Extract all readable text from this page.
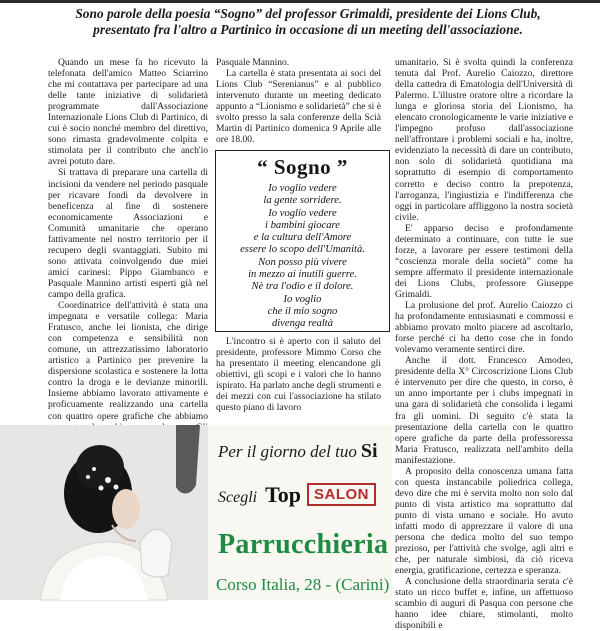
Sono parole della poesia “Sogno” del professor Grimaldi, presidente dei Lions Club,
presentato fra l'altro a Partinico in occasione di un meeting dell'associazione.

Quando un mese fa ho ricevuto la telefonata dell'amico Matteo Sciarrino che mi contattava per partecipare ad una delle tante iniziative di solidarietà programmate dall'Associazione Internazionale Lions Club di Partinico, di cui è socio nonché membro del direttivo, sono rimasta gradevolmente colpita e stimolata per il contributo che anch'io avrei potuto dare.

Si trattava di preparare una cartella di incisioni da vendere nel periodo pasquale per ricavare fondi da devolvere in beneficenza al fine di sostenere economicamente Associazioni e Comunità umanitarie che operano fattivamente nel nostro territorio per il recupero degli svantaggiati. Subito mi sono attivata coinvolgendo due miei amici carinesi: Pippo Giambanco e Pasquale Mannino artisti esperti già nel campo della grafica.

Coordinatrice dell'attività è stata una impegnata e versatile collega: Maria Fratusco, anche lei lionista, che dirige con competenza e sensibilità non comune, un attrezzatissimo laboratorio artistico a Partinico per prevenire la dispersione scolastica e sostenere la lotta contro la droga e le devianze minorili. Insieme abbiamo lavorato attivamente e proficuamente realizzando una cartella con quattro opere grafiche che abbiamo

Pasquale Mannino.

La cartella è stata presentata ai soci del Lions Club “Serenianus” e al pubblico intervenuto durante un meeting dedicato appunto a “Lionismo e solidarietà” che si è svolto presso la sala conferenze della Scià Martin di Partinico domenica 9 Aprile alle ore 18.00.

“ Sogno ”
Io voglio vedere
la gente sorridere.
Io voglio vedere
i bambini giocare
e la cultura dell'Amore
essere lo scopo dell'Umanità.
Non posso più vivere
in mezzo ai inutili guerre.
Nè tra l'odio e il dolore.
Io voglio
che il mio sogno
divenga realtà

L'incontro si è aperto con il saluto del presidente, professore Mimmo Corso che ha presentato il meeting elencandone gli obiettivi, gli scopi e i valori che lo hanno ispirato. Ha parlato anche degli strumenti e dei mezzi con cui l'associazione ha stilato questo piano di lavoro

umanitario. Si è svolta quindi la conferenza tenuta dal Prof. Aurelio Caiozzo, direttore della cattedra di Ematologia dell'Università di Palermo. L'illustre oratore oltre a ricordare la lunga e gloriosa storia del Lionismo, ha elencato cronologicamente le varie iniziative e l'impegno profuso dall'associazione nell'affrontare i problemi sociali e ha, inoltre, evidenziato la necessità di dare un contributo, non solo di solidarietà quotidiana ma soprattutto di esempio di comportamento corretto e deciso contro la prepotenza, l'arroganza, l'ingiustizia e l'indifferenza che oggi in particolare affliggono la nostra società civile.

E' apparso deciso e profondamente determinato a continuare, con tutte le sue forze, a lavorare per essere testimoni della “coscienza morale della società” come ha sempre affermato il presidente internazionale dei Lions Clubs, professore Giuseppe Grimaldi.

La prolusione del prof. Aurelio Caiozzo ci ha profondamente entusiasmati e commossi e abbiamo provato molto piacere ad ascoltarlo, forse perché ci ha detto cose che in fondo volevamo veramente sentirci dire.

Anche il dott. Francesco Amodeo, presidente della X° Circoscrizione Lions Club è intervenuto per dire che questo, in corso, è un anno importante per i clubs impegnati in una gara di solidarietà che consolida i legami fra gli uomini. Di seguito c'è stata la presentazione della cartella con le quattro opere grafiche da parte della professoressa Maria Fratusco, realizzata nell'ambito della manifestazione.

A proposito della conoscenza umana fatta con questa instancabile poliedrica collega, devo dire che mi è servita molto non solo dal punto di vista artistico ma soprattutto dal punto di vista umano e sociale. Ho avuto infatti modo di apprezzare il valore di una persona che dedica molto del suo tempo prezioso, per l'attività che svolge, agli altri e che, per naturale simbiosi, da ciò riceva energia, gratificazione, certezza e speranza.

A conclusione della straordinaria serata c'è stato un ricco buffet e, infine, un affettuoso scambio di auguri di Pasqua con persone che hanno idee chiare, stimolanti, molto disponibili e

Per il giorno del tuo Si
Scegli Top SALON
Parrucchieria
Corso Italia, 28 - (Carini)
